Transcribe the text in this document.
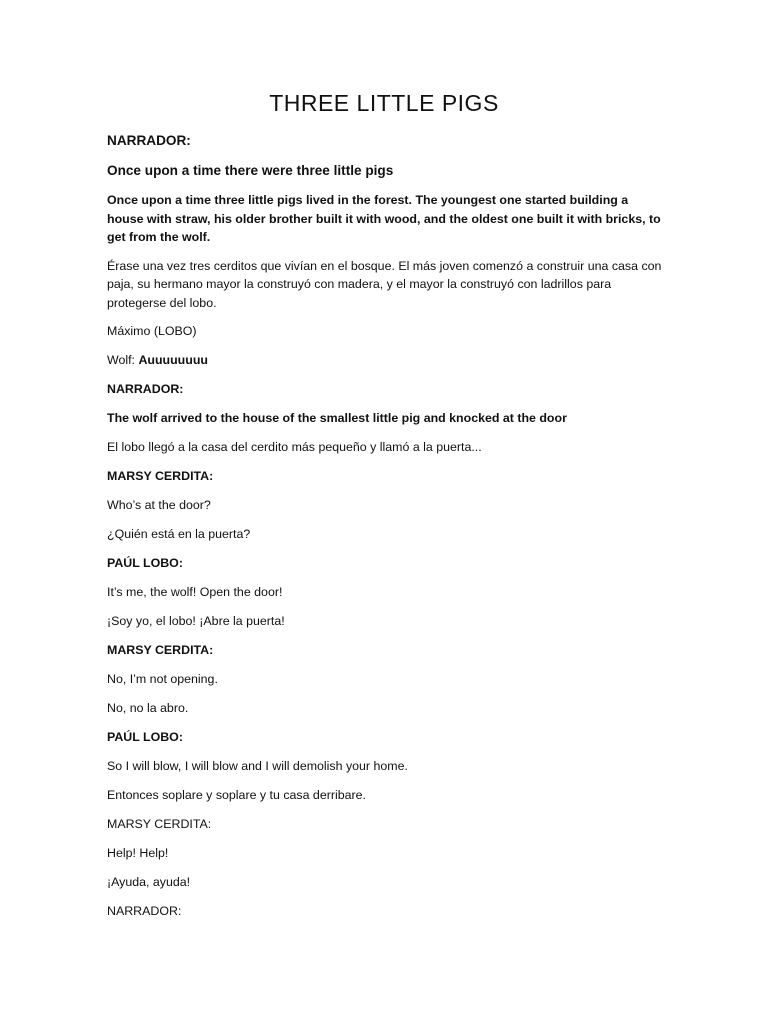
THREE LITTLE PIGS

NARRADOR:

Once upon a time there were three little pigs

Once upon a time three little pigs lived in the forest. The youngest one started building a house with straw, his older brother built it with wood, and the oldest one built it with bricks, to get from the wolf.

Érase una vez tres cerditos que vivían en el bosque. El más joven comenzó a construir una casa con paja, su hermano mayor la construyó con madera, y el mayor la construyó con ladrillos para protegerse del lobo.

Máximo (LOBO)

Wolf: Auuuuuuuu

NARRADOR:

The wolf arrived to the house of the smallest little pig and knocked at the door

El lobo llegó a la casa del cerdito más pequeño y llamó a la puerta...

MARSY CERDITA:

Who’s at the door?

¿Quién está en la puerta?

PAÚL LOBO:

It’s me, the wolf! Open the door!

¡Soy yo, el lobo! ¡Abre la puerta!

MARSY CERDITA:

No, I’m not opening.

No, no la abro.

PAÚL LOBO:

So I will blow, I will blow and I will demolish your home.

Entonces soplare y soplare y tu casa derribare.

MARSY CERDITA:

Help! Help!

¡Ayuda, ayuda!

NARRADOR:
